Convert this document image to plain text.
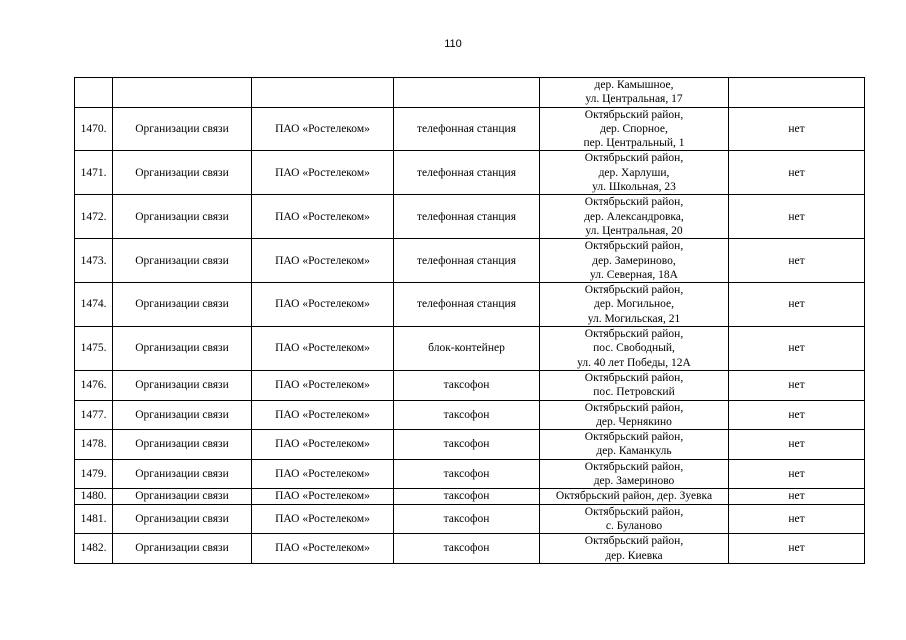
110

				дер. Камышное,
ул. Центральная, 17	

1470.	Организации связи	ПАО «Ростелеком»	телефонная станция	Октябрьский район,
дер. Спорное,
пер. Центральный, 1	нет
1471.	Организации связи	ПАО «Ростелеком»	телефонная станция	Октябрьский район,
дер. Харлуши,
ул. Школьная, 23	нет
1472.	Организации связи	ПАО «Ростелеком»	телефонная станция	Октябрьский район,
дер. Александровка,
ул. Центральная, 20	нет
1473.	Организации связи	ПАО «Ростелеком»	телефонная станция	Октябрьский район,
дер. Замериново,
ул. Северная, 18А	нет
1474.	Организации связи	ПАО «Ростелеком»	телефонная станция	Октябрьский район,
дер. Могильное,
ул. Могильская, 21	нет
1475.	Организации связи	ПАО «Ростелеком»	блок-контейнер	Октябрьский район,
пос. Свободный,
ул. 40 лет Победы, 12А	нет
1476.	Организации связи	ПАО «Ростелеком»	таксофон	Октябрьский район,
пос. Петровский	нет
1477.	Организации связи	ПАО «Ростелеком»	таксофон	Октябрьский район,
дер. Чернякино	нет
1478.	Организации связи	ПАО «Ростелеком»	таксофон	Октябрьский район,
дер. Каманкуль	нет
1479.	Организации связи	ПАО «Ростелеком»	таксофон	Октябрьский район,
дер. Замериново	нет
1480.	Организации связи	ПАО «Ростелеком»	таксофон	Октябрьский район, дер. Зуевка	нет
1481.	Организации связи	ПАО «Ростелеком»	таксофон	Октябрьский район,
с. Буланово	нет
1482.	Организации связи	ПАО «Ростелеком»	таксофон	Октябрьский район,
дер. Киевка	нет
